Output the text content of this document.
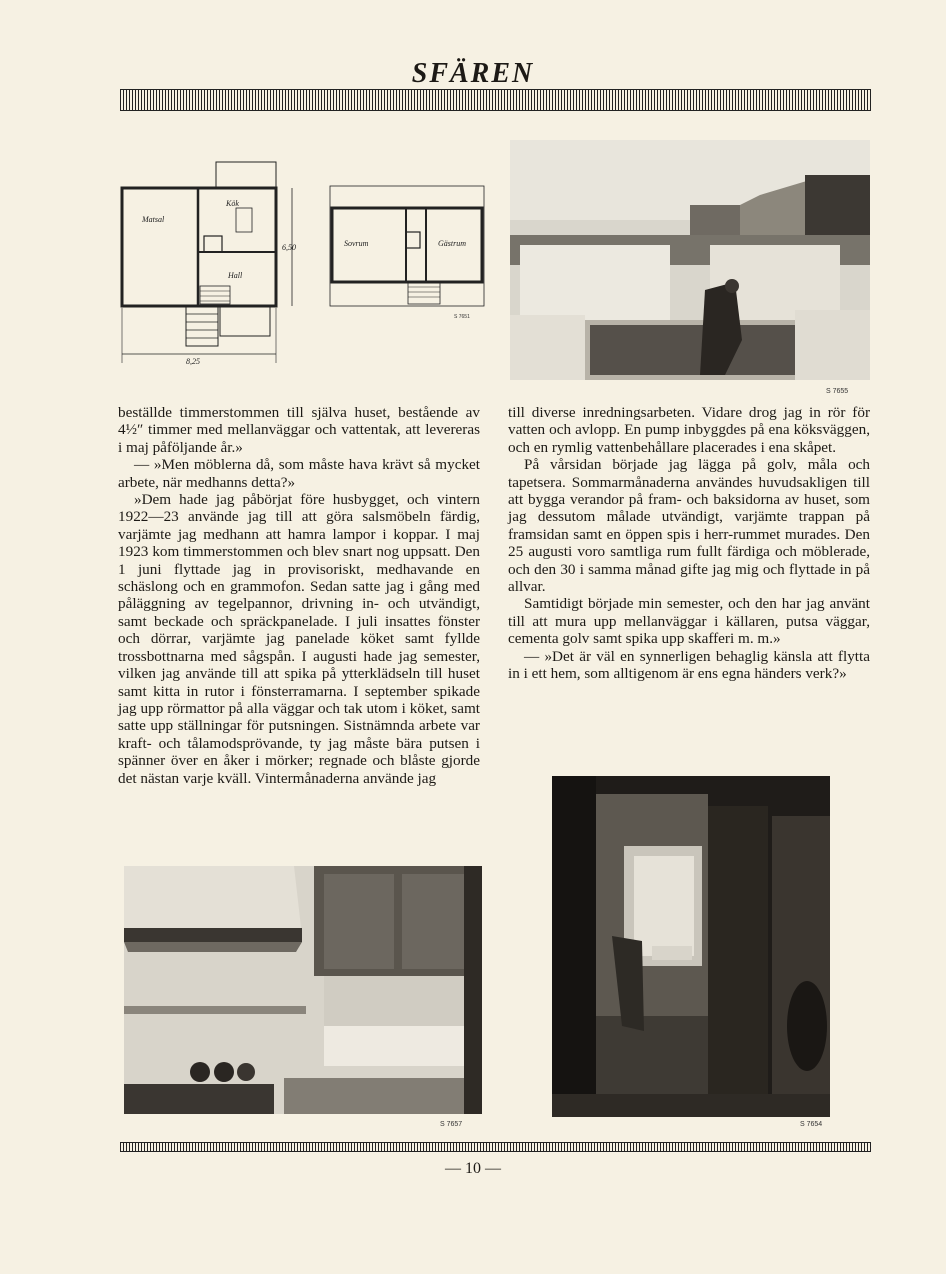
SFÄREN
Matsal
Kök
Hall
6,50
8,25
Sovrum	Gästrum
S 7651
S 7655

beställde timmerstommen till själva huset, bestående av 4½″ timmer med mellanväggar och vattentak, att levereras i maj påföljande år.»

— »Men möblerna då, som måste hava krävt så mycket arbete, när medhanns detta?»

»Dem hade jag påbörjat före husbygget, och vintern 1922—23 använde jag till att göra salsmöbeln färdig, varjämte jag medhann att hamra lampor i koppar. I maj 1923 kom timmerstommen och blev snart nog uppsatt. Den 1 juni flyttade jag in provisoriskt, medhavande en schäslong och en grammofon. Sedan satte jag i gång med påläggning av tegelpannor, drivning in- och utvändigt, samt beckade och spräckpanelade. I juli insattes fönster och dörrar, varjämte jag panelade köket samt fyllde trossbottnarna med sågspån. I augusti hade jag semester, vilken jag använde till att spika på ytterklädseln till huset samt kitta in rutor i fönsterramarna. I september spikade jag upp rörmattor på alla väggar och tak utom i köket, samt satte upp ställningar för putsningen. Sistnämnda arbete var kraft- och tålamodsprövande, ty jag måste bära putsen i spänner över en åker i mörker; regnade och blåste gjorde det nästan varje kväll. Vintermånaderna använde jag

till diverse inredningsarbeten. Vidare drog jag in rör för vatten och avlopp. En pump inbyggdes på ena köksväggen, och en rymlig vattenbehållare placerades i ena skåpet.

På vårsidan började jag lägga på golv, måla och tapetsera. Sommarmånaderna användes huvudsakligen till att bygga verandor på fram- och baksidorna av huset, som jag dessutom målade utvändigt, varjämte trappan på framsidan samt en öppen spis i herr-rummet murades. Den 25 augusti voro samtliga rum fullt färdiga och möblerade, och den 30 i samma månad gifte jag mig och flyttade in på allvar.

Samtidigt började min semester, och den har jag använt till att mura upp mellanväggar i källaren, putsa väggar, cementa golv samt spika upp skafferi m. m.»

— »Det är väl en synnerligen behaglig känsla att flytta in i ett hem, som alltigenom är ens egna händers verk?»

S 7654
S 7657
— 10 —
